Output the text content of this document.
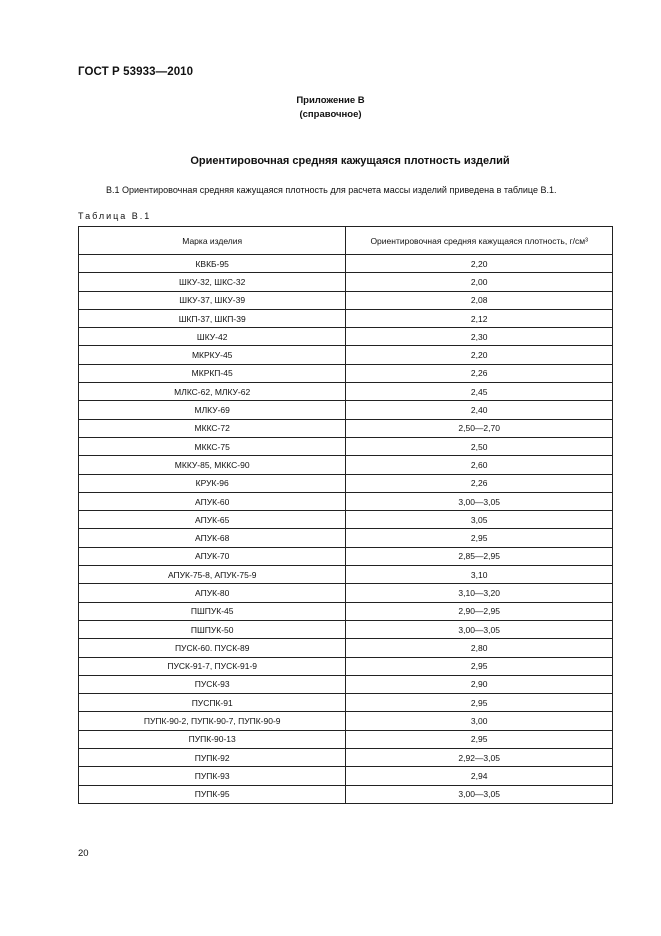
ГОСТ Р 53933—2010
Приложение В
(справочное)
Ориентировочная средняя кажущаяся плотность изделий
В.1 Ориентировочная средняя кажущаяся плотность для расчета массы изделий приведена в таблице В.1.
Таблица В.1
Марка изделия	Ориентировочная средняя кажущаяся плотность, г/см³
КВКБ-95	2,20
ШКУ-32, ШКС-32	2,00
ШКУ-37, ШКУ-39	2,08
ШКП-37, ШКП-39	2,12
ШКУ-42	2,30
МКРКУ-45	2,20
МКРКП-45	2,26
МЛКС-62, МЛКУ-62	2,45
МЛКУ-69	2,40
МККС-72	2,50—2,70
МККС-75	2,50
МККУ-85, МККС-90	2,60
КРУК-96	2,26
АПУК-60	3,00—3,05
АПУК-65	3,05
АПУК-68	2,95
АПУК-70	2,85—2,95
АПУК-75-8, АПУК-75-9	3,10
АПУК-80	3,10—3,20
ПШПУК-45	2,90—2,95
ПШПУК-50	3,00—3,05
ПУСК-60. ПУСК-89	2,80
ПУСК-91-7, ПУСК-91-9	2,95
ПУСК-93	2,90
ПУСПК-91	2,95
ПУПК-90-2, ПУПК-90-7, ПУПК-90-9	3,00
ПУПК-90-13	2,95
ПУПК-92	2,92—3,05
ПУПК-93	2,94
ПУПК-95	3,00—3,05
20
